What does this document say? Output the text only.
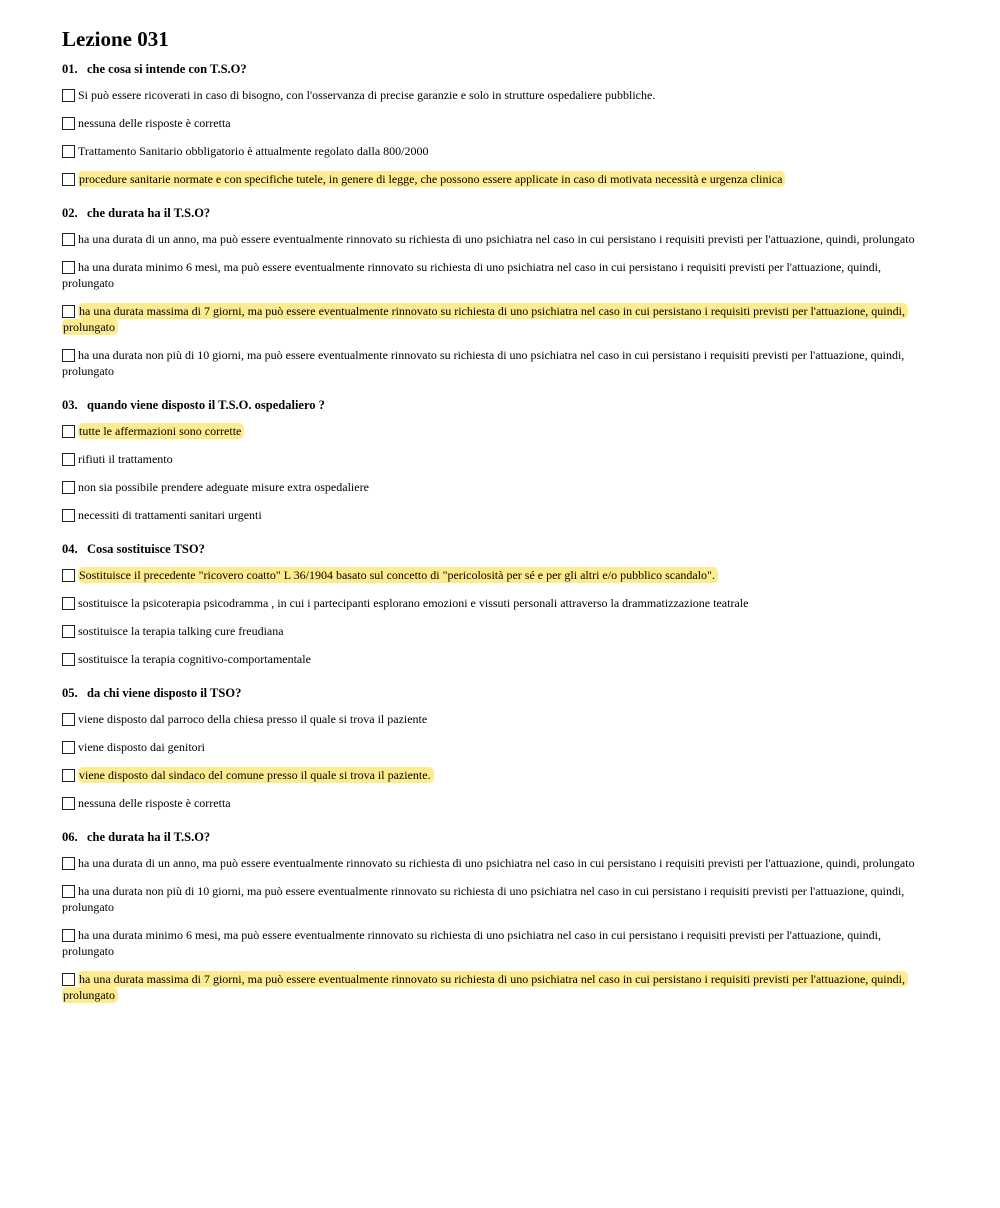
Lezione 031
01. che cosa si intende con T.S.O?
Si può essere ricoverati in caso di bisogno, con l'osservanza di precise garanzie e solo in strutture ospedaliere pubbliche.
nessuna delle risposte è corretta
Trattamento Sanitario obbligatorio è attualmente regolato dalla 800/2000
procedure sanitarie normate e con specifiche tutele, in genere di legge, che possono essere applicate in caso di motivata necessità e urgenza clinica
02. che durata ha il T.S.O?
ha una durata di un anno, ma può essere eventualmente rinnovato su richiesta di uno psichiatra nel caso in cui persistano i requisiti previsti per l'attuazione, quindi, prolungato
ha una durata minimo 6 mesi, ma può essere eventualmente rinnovato su richiesta di uno psichiatra nel caso in cui persistano i requisiti previsti per l'attuazione, quindi, prolungato
ha una durata massima di 7 giorni, ma può essere eventualmente rinnovato su richiesta di uno psichiatra nel caso in cui persistano i requisiti previsti per l'attuazione, quindi, prolungato
ha una durata non più di 10 giorni, ma può essere eventualmente rinnovato su richiesta di uno psichiatra nel caso in cui persistano i requisiti previsti per l'attuazione, quindi, prolungato
03. quando viene disposto il T.S.O. ospedaliero ?
tutte le affermazioni sono corrette
rifiuti il trattamento
non sia possibile prendere adeguate misure extra ospedaliere
necessiti di trattamenti sanitari urgenti
04. Cosa sostituisce TSO?
Sostituisce il precedente "ricovero coatto" L 36/1904 basato sul concetto di "pericolosità per sé e per gli altri e/o pubblico scandalo".
sostituisce la psicoterapia psicodramma , in cui i partecipanti esplorano emozioni e vissuti personali attraverso la drammatizzazione teatrale
sostituisce la terapia talking cure freudiana
sostituisce la terapia cognitivo-comportamentale
05. da chi viene disposto il TSO?
viene disposto dal parroco della chiesa presso il quale si trova il paziente
viene disposto dai genitori
viene disposto dal sindaco del comune presso il quale si trova il paziente.
nessuna delle risposte è corretta
06. che durata ha il T.S.O?
ha una durata di un anno, ma può essere eventualmente rinnovato su richiesta di uno psichiatra nel caso in cui persistano i requisiti previsti per l'attuazione, quindi, prolungato
ha una durata non più di 10 giorni, ma può essere eventualmente rinnovato su richiesta di uno psichiatra nel caso in cui persistano i requisiti previsti per l'attuazione, quindi, prolungato
ha una durata minimo 6 mesi, ma può essere eventualmente rinnovato su richiesta di uno psichiatra nel caso in cui persistano i requisiti previsti per l'attuazione, quindi, prolungato
ha una durata massima di 7 giorni, ma può essere eventualmente rinnovato su richiesta di uno psichiatra nel caso in cui persistano i requisiti previsti per l'attuazione, quindi, prolungato
